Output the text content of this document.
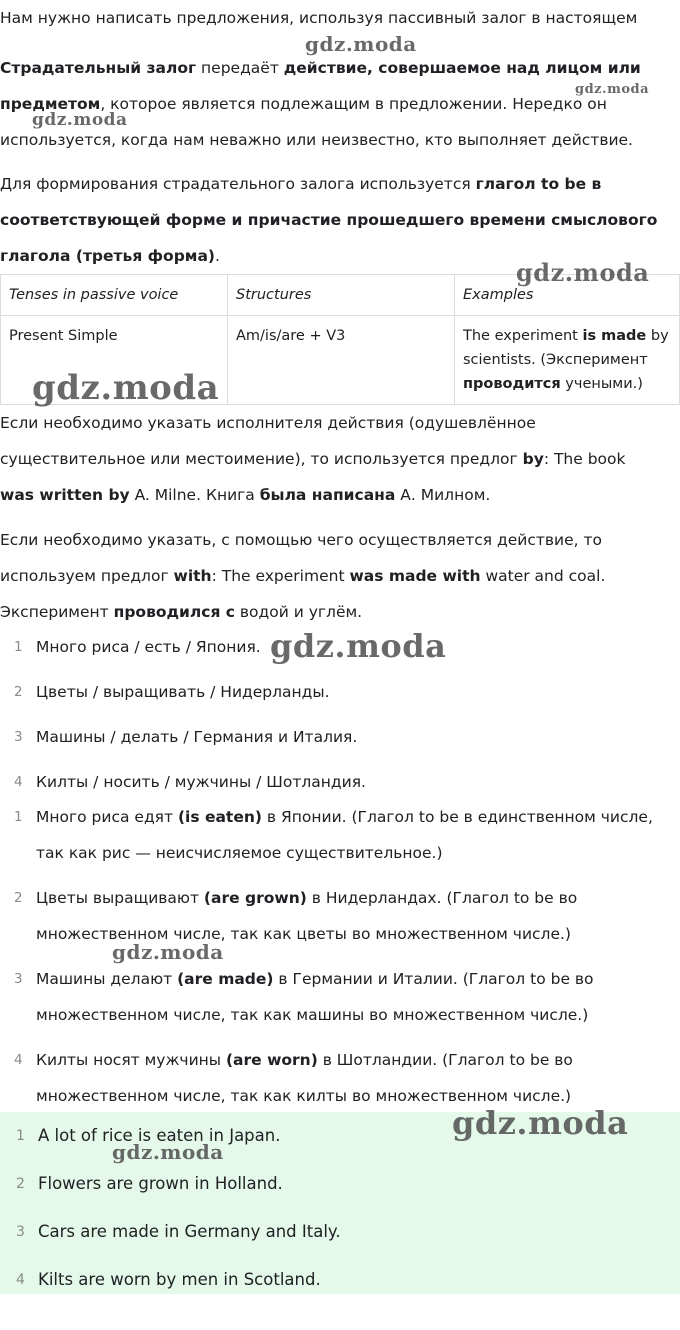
Нам нужно написать предложения, используя пассивный залог в настоящем

Страдательный залог передаёт действие, совершаемое над лицом или предметом, которое является подлежащим в предложении. Нередко он используется, когда нам неважно или неизвестно, кто выполняет действие.

Для формирования страдательного залога используется глагол to be в соответствующей форме и причастие прошедшего времени смыслового глагола (третья форма).

Tenses in passive voice	Structures	Examples
Present Simple	Am/is/are + V3	The experiment is made by scientists. (Эксперимент проводится учеными.)

Если необходимо указать исполнителя действия (одушевлённое существительное или местоимение), то используется предлог by: The book was written by A. Milne. Книга была написана А. Милном.

Если необходимо указать, с помощью чего осуществляется действие, то используем предлог with: The experiment was made with water and coal. Эксперимент проводился с водой и углём.

1 Много риса / есть / Япония.
2 Цветы / выращивать / Нидерланды.
3 Машины / делать / Германия и Италия.
4 Килты / носить / мужчины / Шотландия.
1 Много риса едят (is eaten) в Японии. (Глагол to be в единственном числе, так как рис — неисчисляемое существительное.)
2 Цветы выращивают (are grown) в Нидерландах. (Глагол to be во множественном числе, так как цветы во множественном числе.)
3 Машины делают (are made) в Германии и Италии. (Глагол to be во множественном числе, так как машины во множественном числе.)
4 Килты носят мужчины (are worn) в Шотландии. (Глагол to be во множественном числе, так как килты во множественном числе.)
1 A lot of rice is eaten in Japan.
2 Flowers are grown in Holland.
3 Cars are made in Germany and Italy.
4 Kilts are worn by men in Scotland.
gdz.moda
gdz.moda
gdz.moda
gdz.moda
gdz.moda
gdz.moda
gdz.moda
gdz.moda
gdz.moda
